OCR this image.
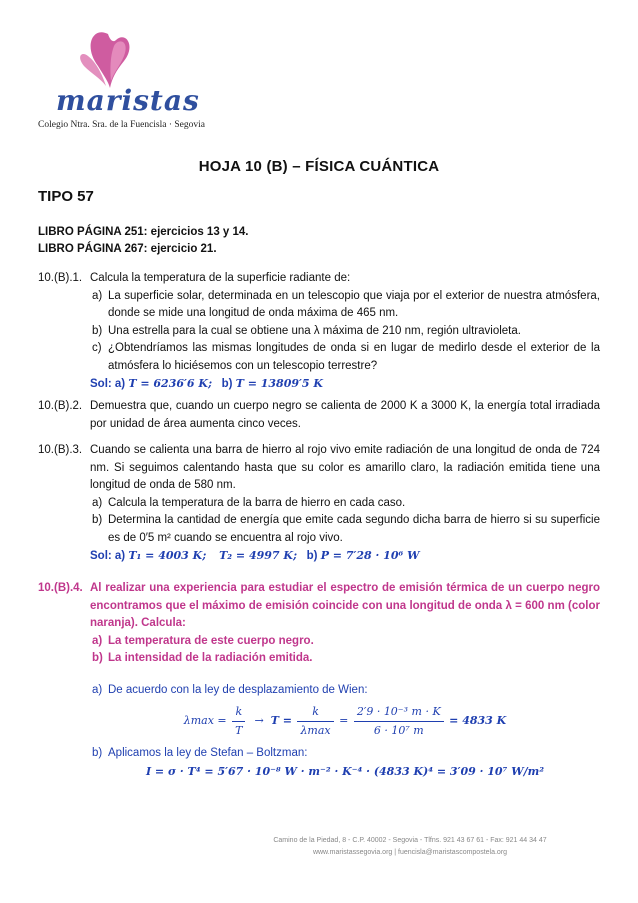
maristas
Colegio Ntra. Sra. de la Fuencisla · Segovia
HOJA 10 (B) – FÍSICA CUÁNTICA
TIPO 57
LIBRO PÁGINA 251: ejercicios 13 y 14.
LIBRO PÁGINA 267: ejercicio 21.
10.(B).1. Calcula la temperatura de la superficie radiante de:
a) La superficie solar, determinada en un telescopio que viaja por el exterior de nuestra atmósfera, donde se mide una longitud de onda máxima de 465 nm.
b) Una estrella para la cual se obtiene una λ máxima de 210 nm, región ultravioleta.
c) ¿Obtendríamos las mismas longitudes de onda si en lugar de medirlo desde el exterior de la atmósfera lo hiciésemos con un telescopio terrestre?
Sol: a) T = 6236′6 K; b) T = 13809′5 K
10.(B).2. Demuestra que, cuando un cuerpo negro se calienta de 2000 K a 3000 K, la energía total irradiada por unidad de área aumenta cinco veces.
10.(B).3. Cuando se calienta una barra de hierro al rojo vivo emite radiación de una longitud de onda de 724 nm. Si seguimos calentando hasta que su color es amarillo claro, la radiación emitida tiene una longitud de onda de 580 nm.
a) Calcula la temperatura de la barra de hierro en cada caso.
b) Determina la cantidad de energía que emite cada segundo dicha barra de hierro si su superficie es de 0′5 m² cuando se encuentra al rojo vivo.
Sol: a) T₁ = 4003 K; T₂ = 4997 K; b) P = 7′28 · 10⁶ W
10.(B).4. Al realizar una experiencia para estudiar el espectro de emisión térmica de un cuerpo negro encontramos que el máximo de emisión coincide con una longitud de onda λ = 600 nm (color naranja). Calcula:
a) La temperatura de este cuerpo negro.
b) La intensidad de la radiación emitida.
a) De acuerdo con la ley de desplazamiento de Wien:
$\lambda\max = \frac{k}{T} \to T = \frac{k}{\lambda\max} = \frac{\text{2′9 · 10⁻³ m · K}}{\text{6 · 10⁷ m}} = 4833$ K
b) Aplicamos la ley de Stefan – Boltzman:
I = σ · T⁴ = 5′67 · 10⁻⁸ W · m⁻² · K⁻⁴ · (4833 K)⁴ = 3′09 · 10⁷ W/m²
Camino de la Piedad, 8 - C.P. 40002 - Segovia - Tlfns. 921 43 67 61 - Fax: 921 44 34 47
www.maristassegovia.org | fuencisla@maristascompostela.org
